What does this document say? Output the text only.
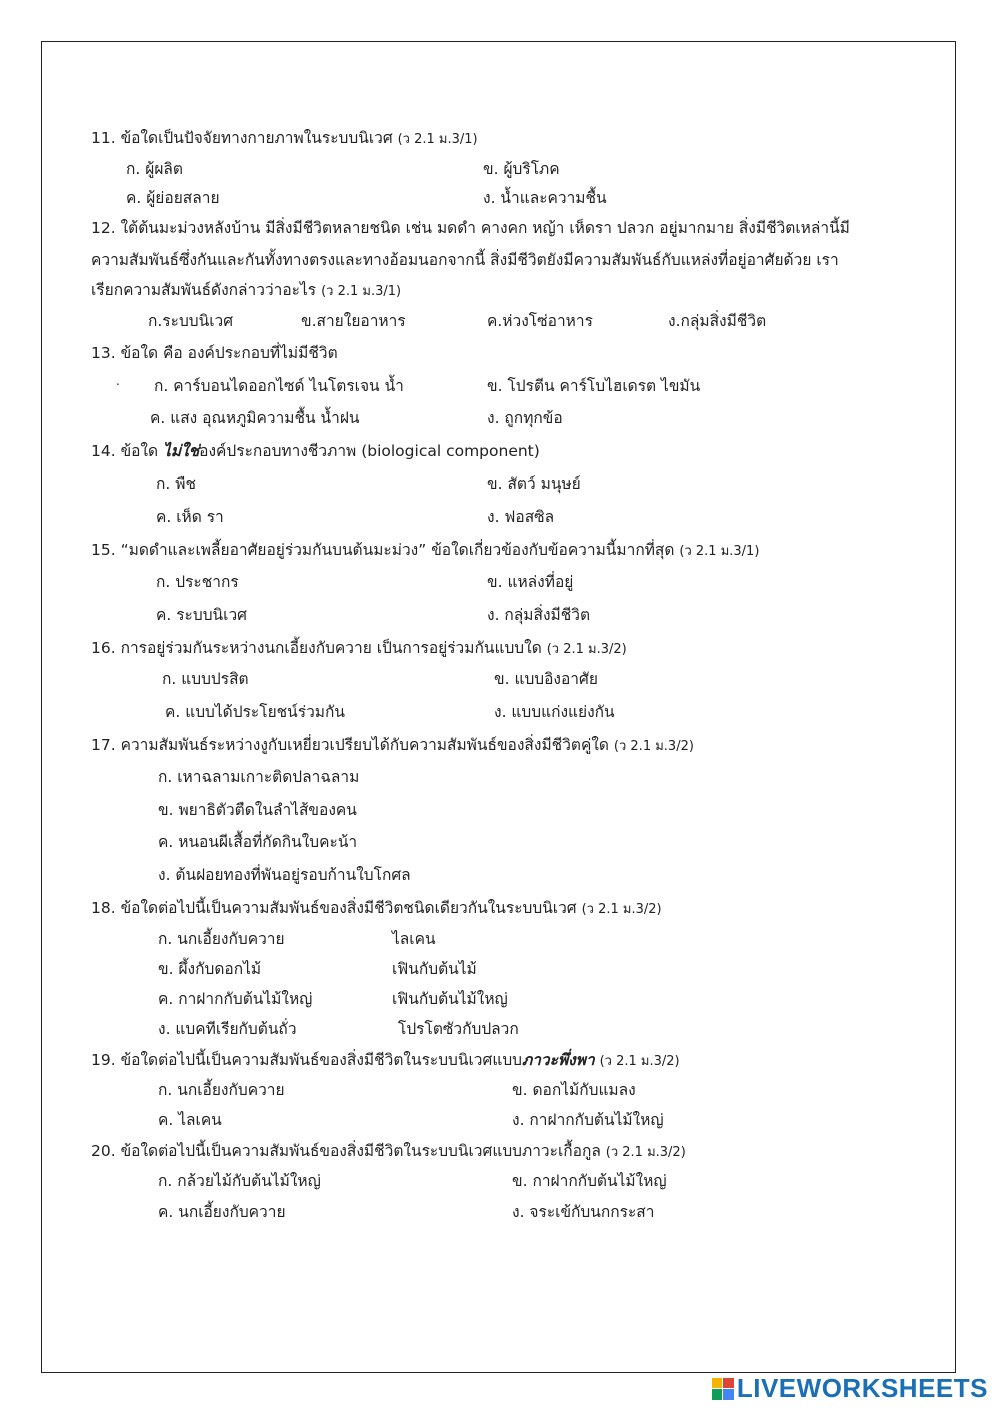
11. ข้อใดเป็นปัจจัยทางกายภาพในระบบนิเวศ (ว 2.1 ม.3/1)
ก. ผู้ผลิต	ข. ผู้บริโภค
ค. ผู้ย่อยสลาย	ง. น้ำและความชื้น
12. ใต้ต้นมะม่วงหลังบ้าน มีสิ่งมีชีวิตหลายชนิด เช่น มดดำ คางคก หญ้า เห็ดรา ปลวก อยู่มากมาย สิ่งมีชีวิตเหล่านี้มี
ความสัมพันธ์ซึ่งกันและกันทั้งทางตรงและทางอ้อมนอกจากนี้ สิ่งมีชีวิตยังมีความสัมพันธ์กับแหล่งที่อยู่อาศัยด้วย เรา
เรียกความสัมพันธ์ดังกล่าวว่าอะไร (ว 2.1 ม.3/1)
ก.ระบบนิเวศ	ข.สายใยอาหาร	ค.ห่วงโซ่อาหาร	ง.กลุ่มสิ่งมีชีวิต
13. ข้อใด คือ องค์ประกอบที่ไม่มีชีวิต
. ก. คาร์บอนไดออกไซด์ ไนโตรเจน น้ำ	ข. โปรตีน คาร์โบไฮเดรต ไขมัน
ค. แสง อุณหภูมิความชื้น น้ำฝน	ง. ถูกทุกข้อ
14. ข้อใด ไม่ใช่องค์ประกอบทางชีวภาพ (biological component)
ก. พืช	ข. สัตว์ มนุษย์
ค. เห็ด รา	ง. ฟอสซิล
15. “มดดำและเพลี้ยอาศัยอยู่ร่วมกันบนต้นมะม่วง” ข้อใดเกี่ยวข้องกับข้อความนี้มากที่สุด (ว 2.1 ม.3/1)
ก. ประชากร	ข. แหล่งที่อยู่
ค. ระบบนิเวศ	ง. กลุ่มสิ่งมีชีวิต
16. การอยู่ร่วมกันระหว่างนกเอี้ยงกับควาย เป็นการอยู่ร่วมกันแบบใด (ว 2.1 ม.3/2)
ก. แบบปรสิต	ข. แบบอิงอาศัย
ค. แบบได้ประโยชน์ร่วมกัน	ง. แบบแก่งแย่งกัน
17. ความสัมพันธ์ระหว่างงูกับเหยี่ยวเปรียบได้กับความสัมพันธ์ของสิ่งมีชีวิตคู่ใด (ว 2.1 ม.3/2)
ก. เหาฉลามเกาะติดปลาฉลาม
ข. พยาธิตัวตืดในลำไส้ของคน
ค. หนอนผีเสื้อที่กัดกินใบคะน้า
ง. ต้นฝอยทองที่พันอยู่รอบก้านใบโกศล
18. ข้อใดต่อไปนี้เป็นความสัมพันธ์ของสิ่งมีชีวิตชนิดเดียวกันในระบบนิเวศ (ว 2.1 ม.3/2)
ก. นกเอี้ยงกับควาย	ไลเคน
ข. ผึ้งกับดอกไม้	เฟินกับต้นไม้
ค. กาฝากกับต้นไม้ใหญ่	เฟินกับต้นไม้ใหญ่
ง. แบคทีเรียกับต้นถั่ว	โปรโตซัวกับปลวก
19. ข้อใดต่อไปนี้เป็นความสัมพันธ์ของสิ่งมีชีวิตในระบบนิเวศแบบภาวะพึ่งพา (ว 2.1 ม.3/2)
ก. นกเอี้ยงกับควาย	ข. ดอกไม้กับแมลง
ค. ไลเคน	ง. กาฝากกับต้นไม้ใหญ่
20. ข้อใดต่อไปนี้เป็นความสัมพันธ์ของสิ่งมีชีวิตในระบบนิเวศแบบภาวะเกื้อกูล (ว 2.1 ม.3/2)
ก. กล้วยไม้กับต้นไม้ใหญ่	ข. กาฝากกับต้นไม้ใหญ่
ค. นกเอี้ยงกับควาย	ง. จระเข้กับนกกระสา
LIVEWORKSHEETS
